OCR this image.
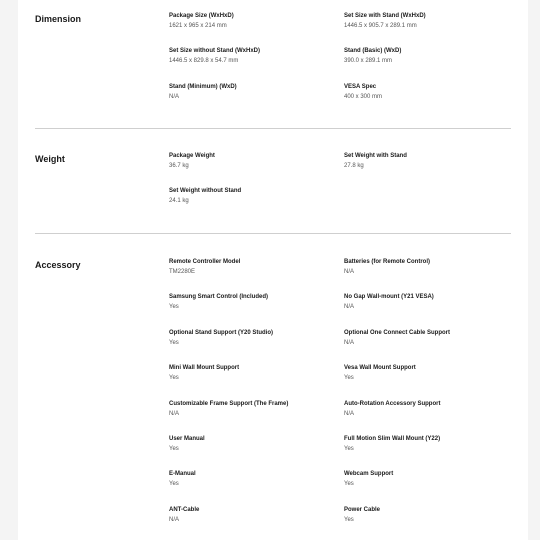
Dimension	Package Size (WxHxD)
1621 x 965 x 214 mm
Set Size with Stand (WxHxD)
1446.5 x 905.7 x 289.1 mm
Set Size without Stand (WxHxD)
1446.5 x 829.8 x 54.7 mm
Stand (Basic) (WxD)
390.0 x 289.1 mm
Stand (Minimum) (WxD)
N/A
VESA Spec
400 x 300 mm
Weight	Package Weight
36.7 kg
Set Weight with Stand
27.8 kg
Set Weight without Stand
24.1 kg
Accessory	Remote Controller Model
TM2280E
Batteries (for Remote Control)
N/A
Samsung Smart Control (Included)
Yes
No Gap Wall-mount (Y21 VESA)
N/A
Optional Stand Support (Y20 Studio)
Yes
Optional One Connect Cable Support
N/A
Mini Wall Mount Support
Yes
Vesa Wall Mount Support
Yes
Customizable Frame Support (The Frame)
N/A
Auto-Rotation Accessory Support
N/A
User Manual
Yes
Full Motion Slim Wall Mount (Y22)
Yes
E-Manual
Yes
Webcam Support
Yes
ANT-Cable
N/A
Power Cable
Yes
